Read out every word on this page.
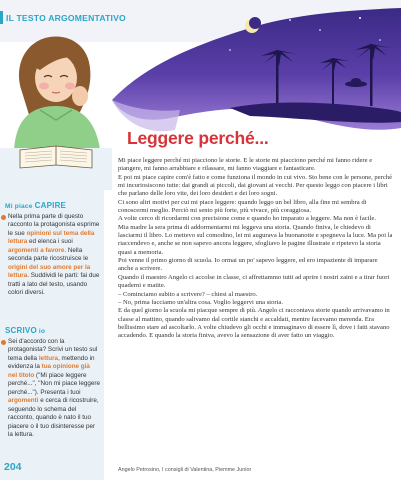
IL TESTO ARGOMENTATIVO
Mi piace CAPIRE
Nella prima parte di questo racconto la protagonista esprime le sue opinioni sul tema della lettura ed elenca i suoi argomenti a favore. Nella seconda parte ricostruisce le origini del suo amore per la lettura. Suddividi le parti: fai due tratti a lato del testo, usando colori diversi.
SCRIVO io
Sei d'accordo con la protagonista? Scrivi un testo sul tema della lettura, mettendo in evidenza la tua opinione già nel titolo ("Mi piace leggere perché...", "Non mi piace leggere perché..."). Presenta i tuoi argomenti e cerca di ricostruire, seguendo lo schema del racconto, quando è nato il tuo piacere o il tuo disinteresse per la lettura.
Leggere perché...

Mi piace leggere perché mi piacciono le storie. E le storie mi piacciono perché mi fanno ridere e piangere, mi fanno arrabbiare e rilassare, mi fanno viaggiare e fantasticare.

E poi mi piace capire com'è fatto e come funziona il mondo in cui vivo. Sto bene con le persone, perché mi incuriosiscono tutte: dai grandi ai piccoli, dai giovani ai vecchi. Per questo leggo con piacere i libri che parlano delle loro vite, dei loro desideri e dei loro sogni.

Ci sono altri motivi per cui mi piace leggere: quando leggo un bel libro, alla fine mi sembra di conoscermi meglio. Perciò mi sento più forte, più vivace, più coraggiosa.

A volte cerco di ricordarmi con precisione come e quando ho imparato a leggere. Ma non è facile.

Mia madre la sera prima di addormentarmi mi leggeva una storia. Quando finiva, le chiedevo di lasciarmi il libro. Lo mettevo sul comodino, lei mi augurava la buonanotte e spegneva la luce. Ma poi la riaccendevo e, anche se non sapevo ancora leggere, sfogliavo le pagine illustrate e ripetevo la storia quasi a memoria.

Poi venne il primo giorno di scuola. Io ormai un po' sapevo leggere, ed ero impaziente di imparare anche a scrivere.

Quando il maestro Angelo ci accolse in classe, ci affrettammo tutti ad aprire i nostri zaini e a tirar fuori quaderni e matite.

– Cominciamo subito a scrivere? – chiesi al maestro.

– No, prima facciamo un'altra cosa. Voglio leggervi una storia.

E da quel giorno la scuola mi piacque sempre di più. Angelo ci raccontava storie quando arrivavamo in classe al mattino, quando salivamo dal cortile stanchi e accaldati, mentre facevamo merenda. Era bellissimo stare ad ascoltarlo. A volte chiudevo gli occhi e immaginavo di essere lì, dove i fatti stavano accadendo. E quando la storia finiva, avevo la sensazione di aver fatto un viaggio.

Angelo Petrosino, I consigli di Valentina, Piemme Junior
204
